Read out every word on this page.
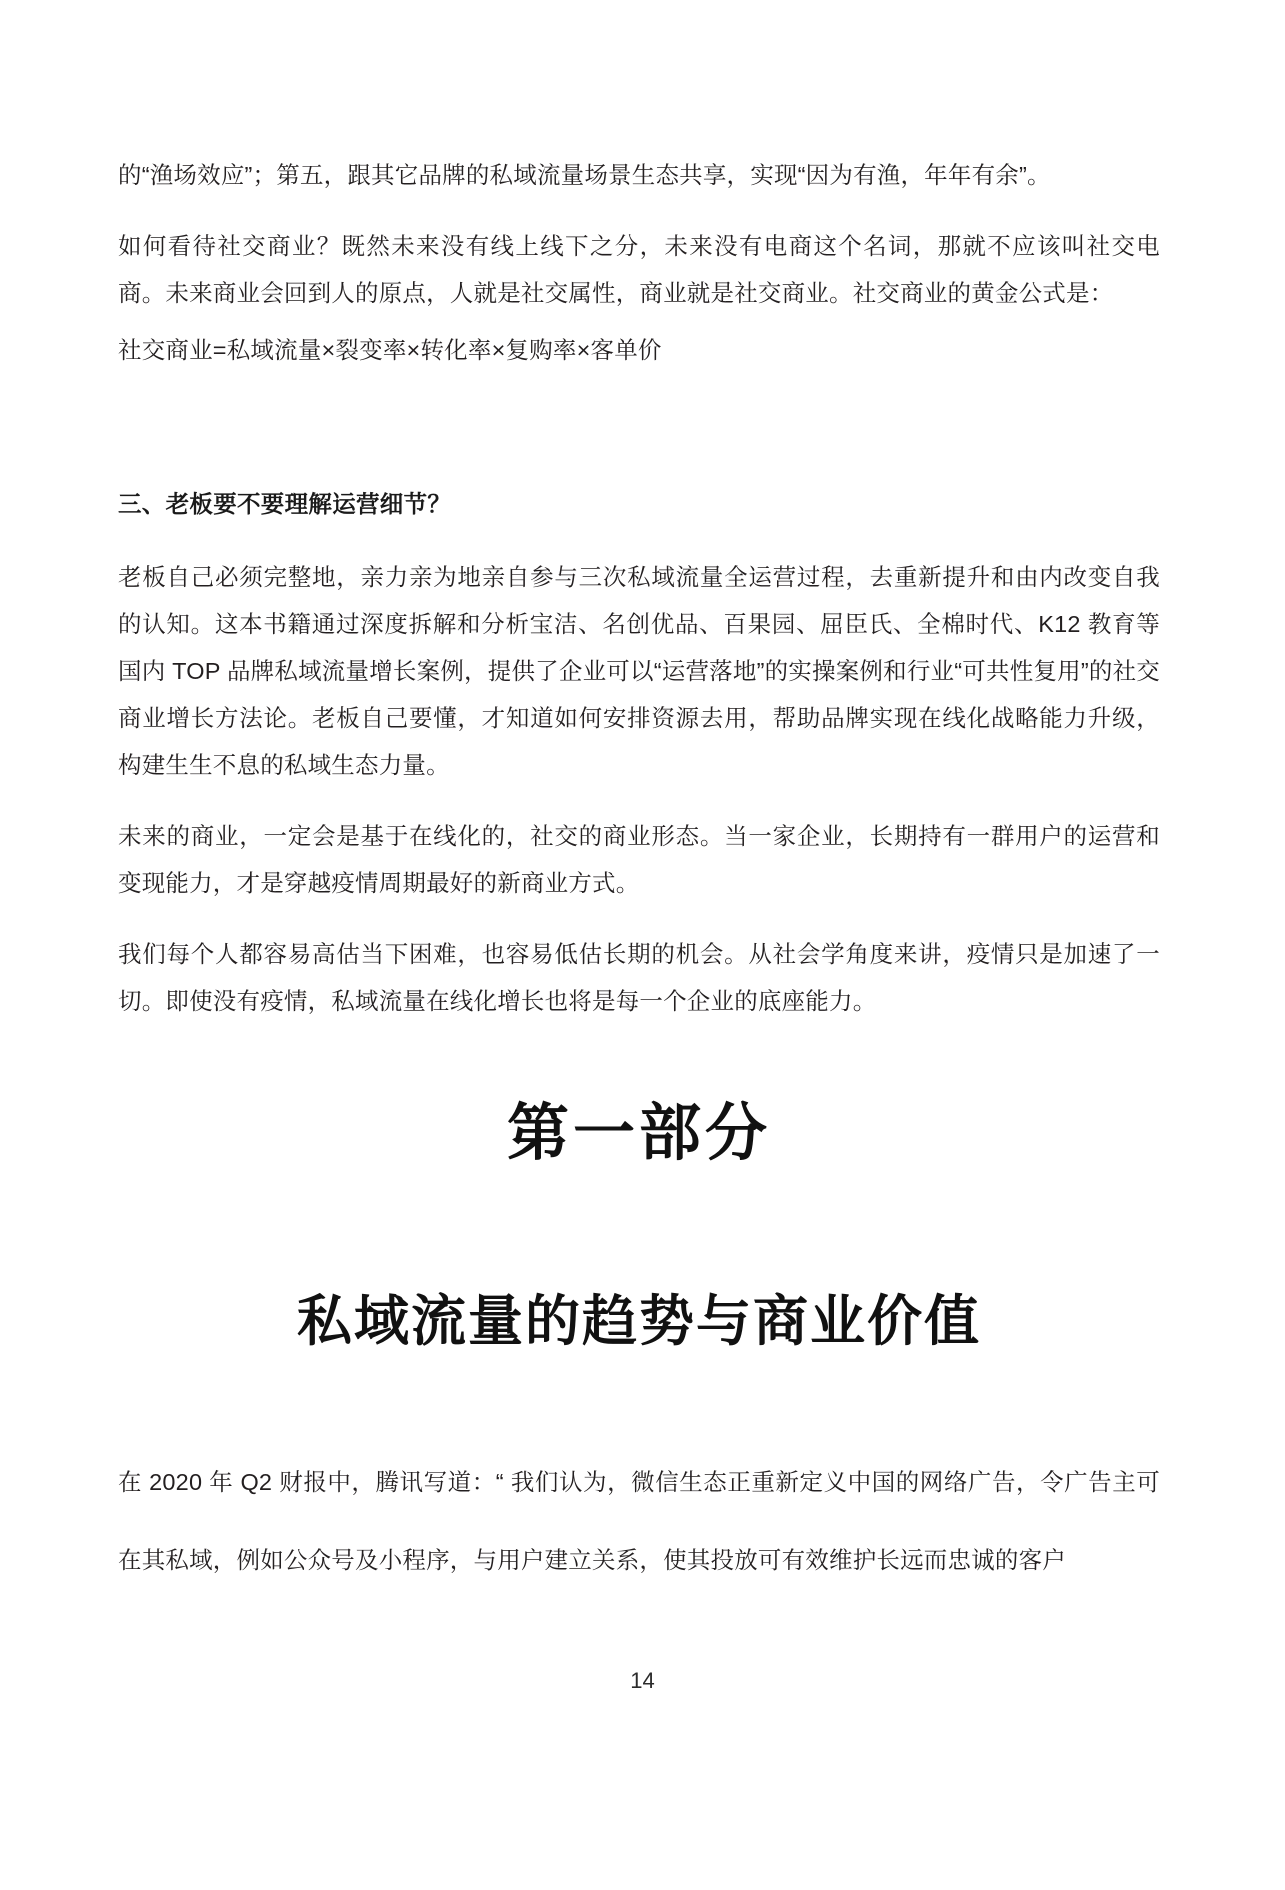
的“渔场效应”；第五，跟其它品牌的私域流量场景生态共享，实现“因为有渔，年年有余”。

如何看待社交商业？既然未来没有线上线下之分，未来没有电商这个名词，那就不应该叫社交电商。未来商业会回到人的原点，人就是社交属性，商业就是社交商业。社交商业的黄金公式是：

社交商业=私域流量×裂变率×转化率×复购率×客单价

三、老板要不要理解运营细节？

老板自己必须完整地，亲力亲为地亲自参与三次私域流量全运营过程，去重新提升和由内改变自我的认知。这本书籍通过深度拆解和分析宝洁、名创优品、百果园、屈臣氏、全棉时代、K12 教育等国内 TOP 品牌私域流量增长案例，提供了企业可以“运营落地”的实操案例和行业“可共性复用”的社交商业增长方法论。老板自己要懂，才知道如何安排资源去用，帮助品牌实现在线化战略能力升级，构建生生不息的私域生态力量。

未来的商业，一定会是基于在线化的，社交的商业形态。当一家企业，长期持有一群用户的运营和变现能力，才是穿越疫情周期最好的新商业方式。

我们每个人都容易高估当下困难，也容易低估长期的机会。从社会学角度来讲，疫情只是加速了一切。即使没有疫情，私域流量在线化增长也将是每一个企业的底座能力。

第一部分
私域流量的趋势与商业价值

在 2020 年 Q2 财报中，腾讯写道：“ 我们认为，微信生态正重新定义中国的网络广告，令广告主可在其私域，例如公众号及小程序，与用户建立关系，使其投放可有效维护长远而忠诚的客户

14
